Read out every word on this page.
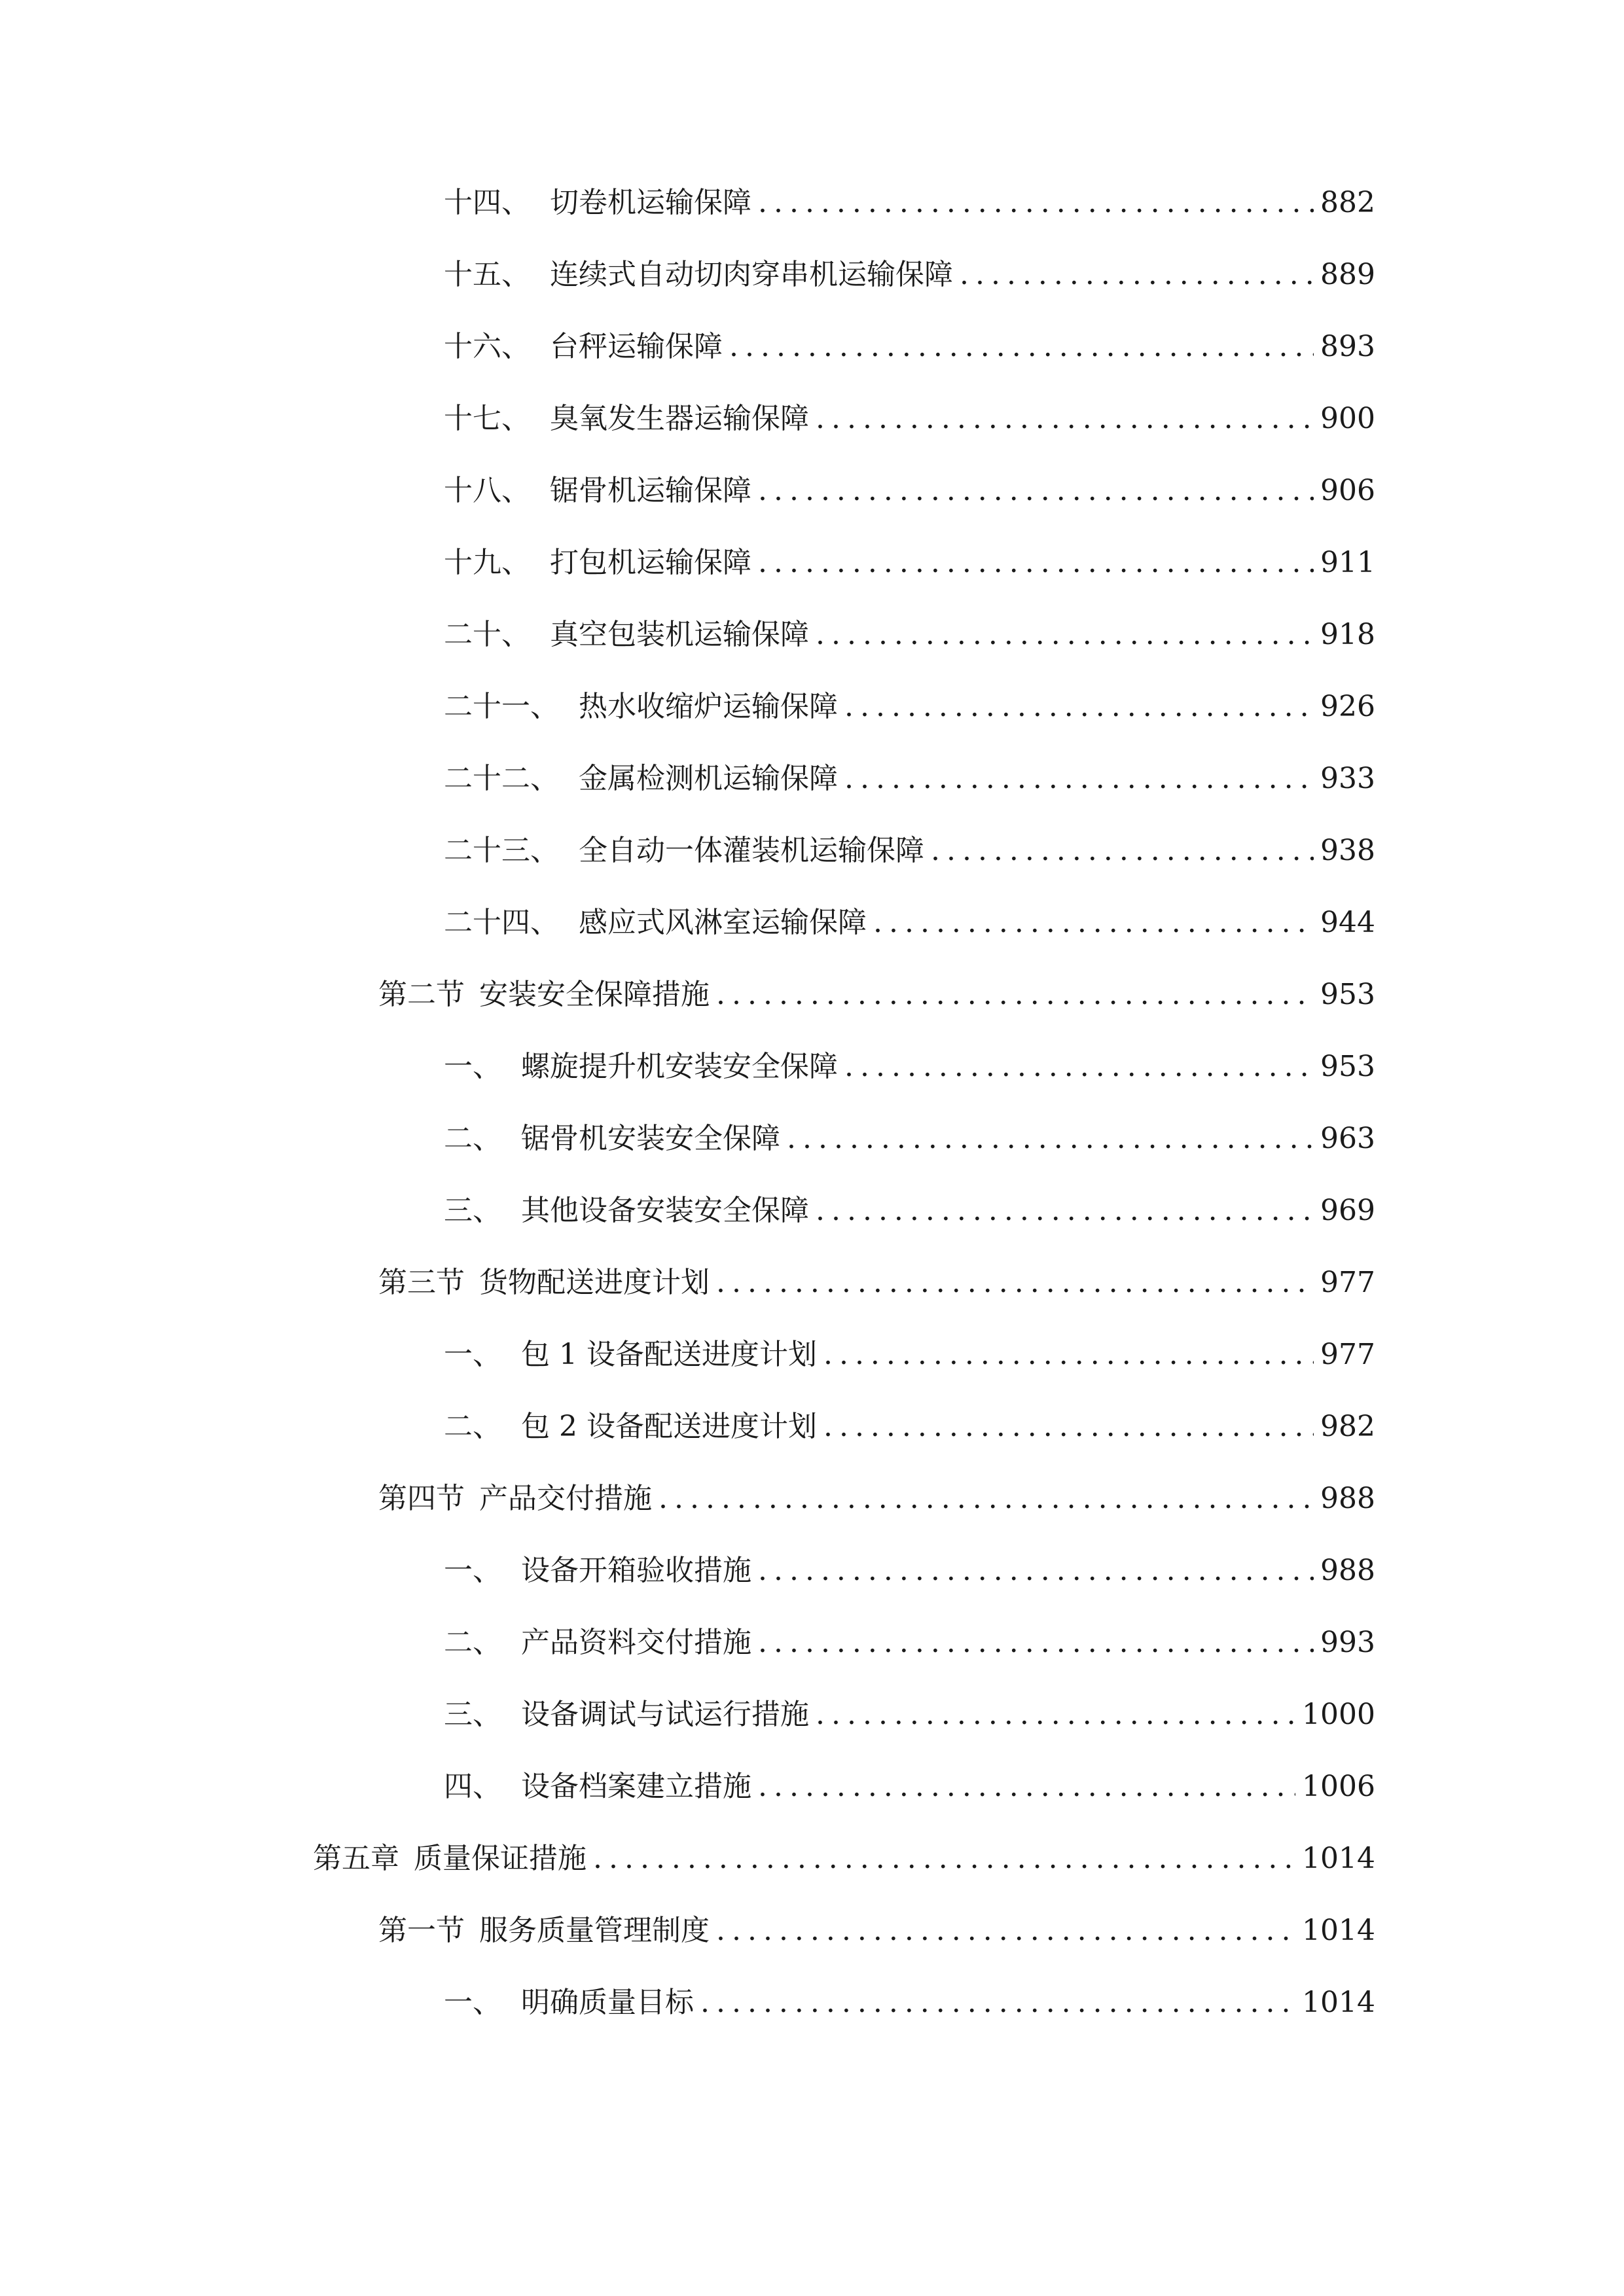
十四、 切卷机运输保障 .....	882
十五、 连续式自动切肉穿串机运输保障 .....	889
十六、 台秤运输保障 .....	893
十七、 臭氧发生器运输保障 .....	900
十八、 锯骨机运输保障 .....	906
十九、 打包机运输保障 .....	911
二十、 真空包装机运输保障 .....	918
二十一、 热水收缩炉运输保障 .....	926
二十二、 金属检测机运输保障 .....	933
二十三、 全自动一体灌装机运输保障 .....	938
二十四、 感应式风淋室运输保障 .....	944
第二节 安装安全保障措施 .....	953
一、 螺旋提升机安装安全保障 .....	953
二、 锯骨机安装安全保障 .....	963
三、 其他设备安装安全保障 .....	969
第三节 货物配送进度计划 .....	977
一、 包 1 设备配送进度计划 .....	977
二、 包 2 设备配送进度计划 .....	982
第四节 产品交付措施 .....	988
一、 设备开箱验收措施 .....	988
二、 产品资料交付措施 .....	993
三、 设备调试与试运行措施 .....	1000
四、 设备档案建立措施 .....	1006
第五章 质量保证措施 .....	1014
第一节 服务质量管理制度 .....	1014
一、 明确质量目标 .....	1014
